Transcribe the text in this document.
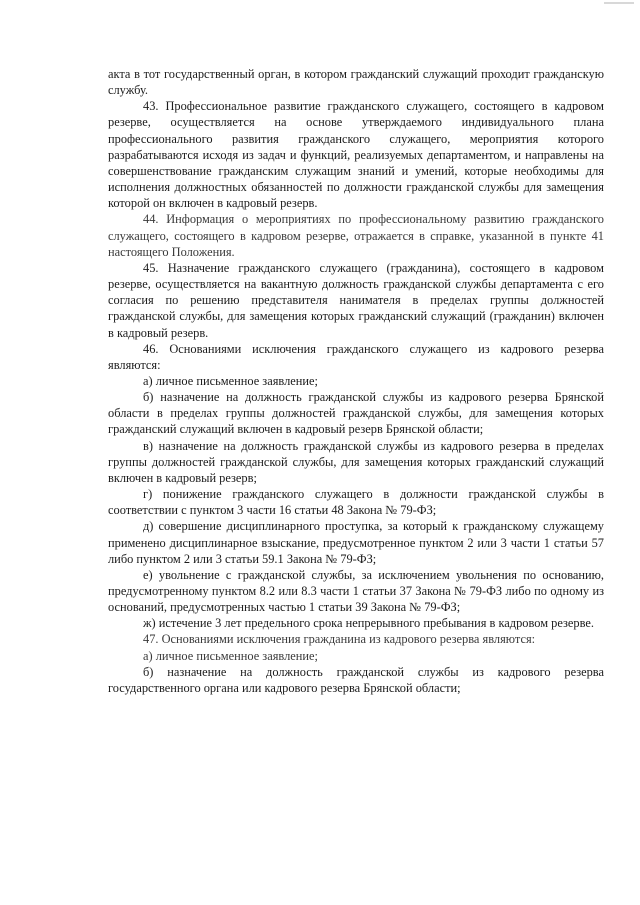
акта в тот государственный орган, в котором гражданский служащий проходит гражданскую службу.

43. Профессиональное развитие гражданского служащего, состоящего в кадровом резерве, осуществляется на основе утверждаемого индивидуального плана профессионального развития гражданского служащего, мероприятия которого разрабатываются исходя из задач и функций, реализуемых департаментом, и направлены на совершенствование гражданским служащим знаний и умений, которые необходимы для исполнения должностных обязанностей по должности гражданской службы для замещения которой он включен в кадровый резерв.

44. Информация о мероприятиях по профессиональному развитию гражданского служащего, состоящего в кадровом резерве, отражается в справке, указанной в пункте 41 настоящего Положения.

45. Назначение гражданского служащего (гражданина), состоящего в кадровом резерве, осуществляется на вакантную должность гражданской службы департамента с его согласия по решению представителя нанимателя в пределах группы должностей гражданской службы, для замещения которых гражданский служащий (гражданин) включен в кадровый резерв.

46. Основаниями исключения гражданского служащего из кадрового резерва являются:

а) личное письменное заявление;

б) назначение на должность гражданской службы из кадрового резерва Брянской области в пределах группы должностей гражданской службы, для замещения которых гражданский служащий включен в кадровый резерв Брянской области;

в) назначение на должность гражданской службы из кадрового резерва в пределах группы должностей гражданской службы, для замещения которых гражданский служащий включен в кадровый резерв;

г) понижение гражданского служащего в должности гражданской службы в соответствии с пунктом 3 части 16 статьи 48 Закона № 79-ФЗ;

д) совершение дисциплинарного проступка, за который к гражданскому служащему применено дисциплинарное взыскание, предусмотренное пунктом 2 или 3 части 1 статьи 57 либо пунктом 2 или 3 статьи 59.1 Закона № 79-ФЗ;

е) увольнение с гражданской службы, за исключением увольнения по основанию, предусмотренному пунктом 8.2 или 8.3 части 1 статьи 37 Закона № 79-ФЗ либо по одному из оснований, предусмотренных частью 1 статьи 39 Закона № 79-ФЗ;

ж) истечение 3 лет предельного срока непрерывного пребывания в кадровом резерве.

47. Основаниями исключения гражданина из кадрового резерва являются:

а) личное письменное заявление;

б) назначение на должность гражданской службы из кадрового резерва государственного органа или кадрового резерва Брянской области;
